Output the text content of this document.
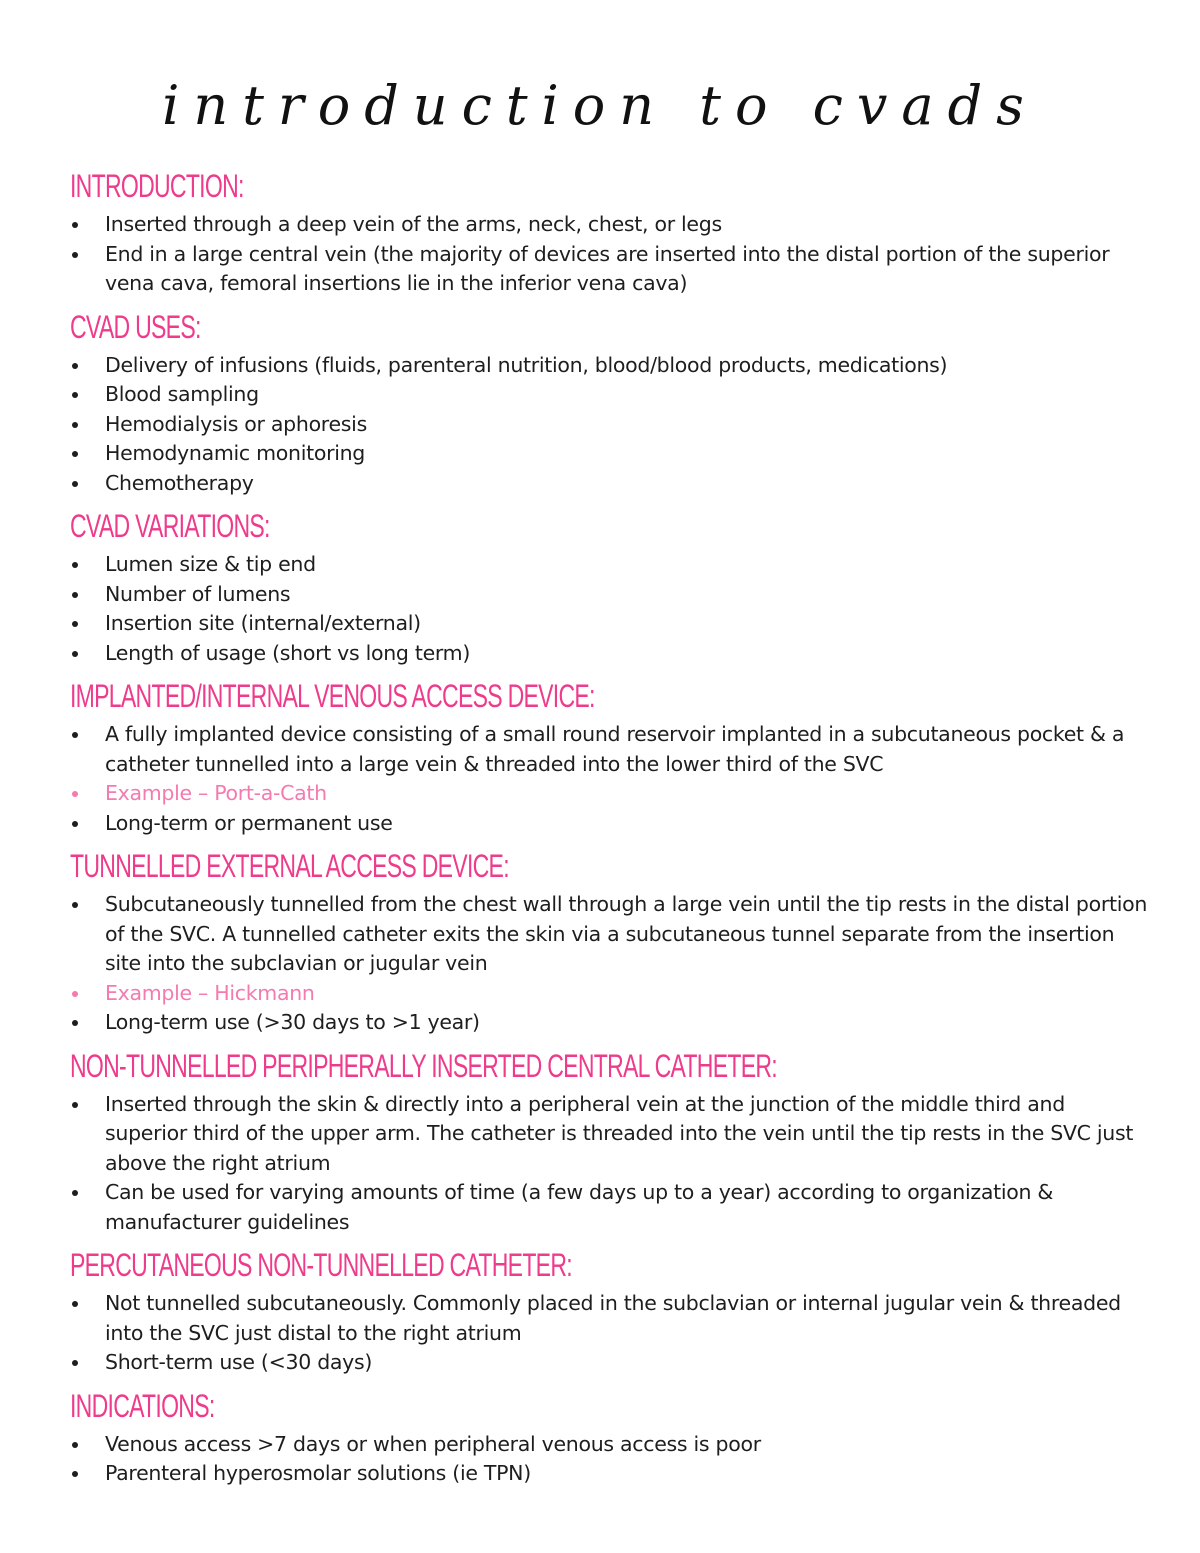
introduction to cvads
INTRODUCTION:
Inserted through a deep vein of the arms, neck, chest, or legs
End in a large central vein (the majority of devices are inserted into the distal portion of the superior vena cava, femoral insertions lie in the inferior vena cava)
CVAD USES:
Delivery of infusions (fluids, parenteral nutrition, blood/blood products, medications)
Blood sampling
Hemodialysis or aphoresis
Hemodynamic monitoring
Chemotherapy
CVAD VARIATIONS:
Lumen size & tip end
Number of lumens
Insertion site (internal/external)
Length of usage (short vs long term)
IMPLANTED/INTERNAL VENOUS ACCESS DEVICE:
A fully implanted device consisting of a small round reservoir implanted in a subcutaneous pocket & a catheter tunnelled into a large vein & threaded into the lower third of the SVC
Example – Port-a-Cath
Long-term or permanent use
TUNNELLED EXTERNAL ACCESS DEVICE:
Subcutaneously tunnelled from the chest wall through a large vein until the tip rests in the distal portion of the SVC. A tunnelled catheter exits the skin via a subcutaneous tunnel separate from the insertion site into the subclavian or jugular vein
Example – Hickmann
Long-term use (>30 days to >1 year)
NON-TUNNELLED PERIPHERALLY INSERTED CENTRAL CATHETER:
Inserted through the skin & directly into a peripheral vein at the junction of the middle third and superior third of the upper arm. The catheter is threaded into the vein until the tip rests in the SVC just above the right atrium
Can be used for varying amounts of time (a few days up to a year) according to organization & manufacturer guidelines
PERCUTANEOUS NON-TUNNELLED CATHETER:
Not tunnelled subcutaneously. Commonly placed in the subclavian or internal jugular vein & threaded into the SVC just distal to the right atrium
Short-term use (<30 days)
INDICATIONS:
Venous access >7 days or when peripheral venous access is poor
Parenteral hyperosmolar solutions (ie TPN)
